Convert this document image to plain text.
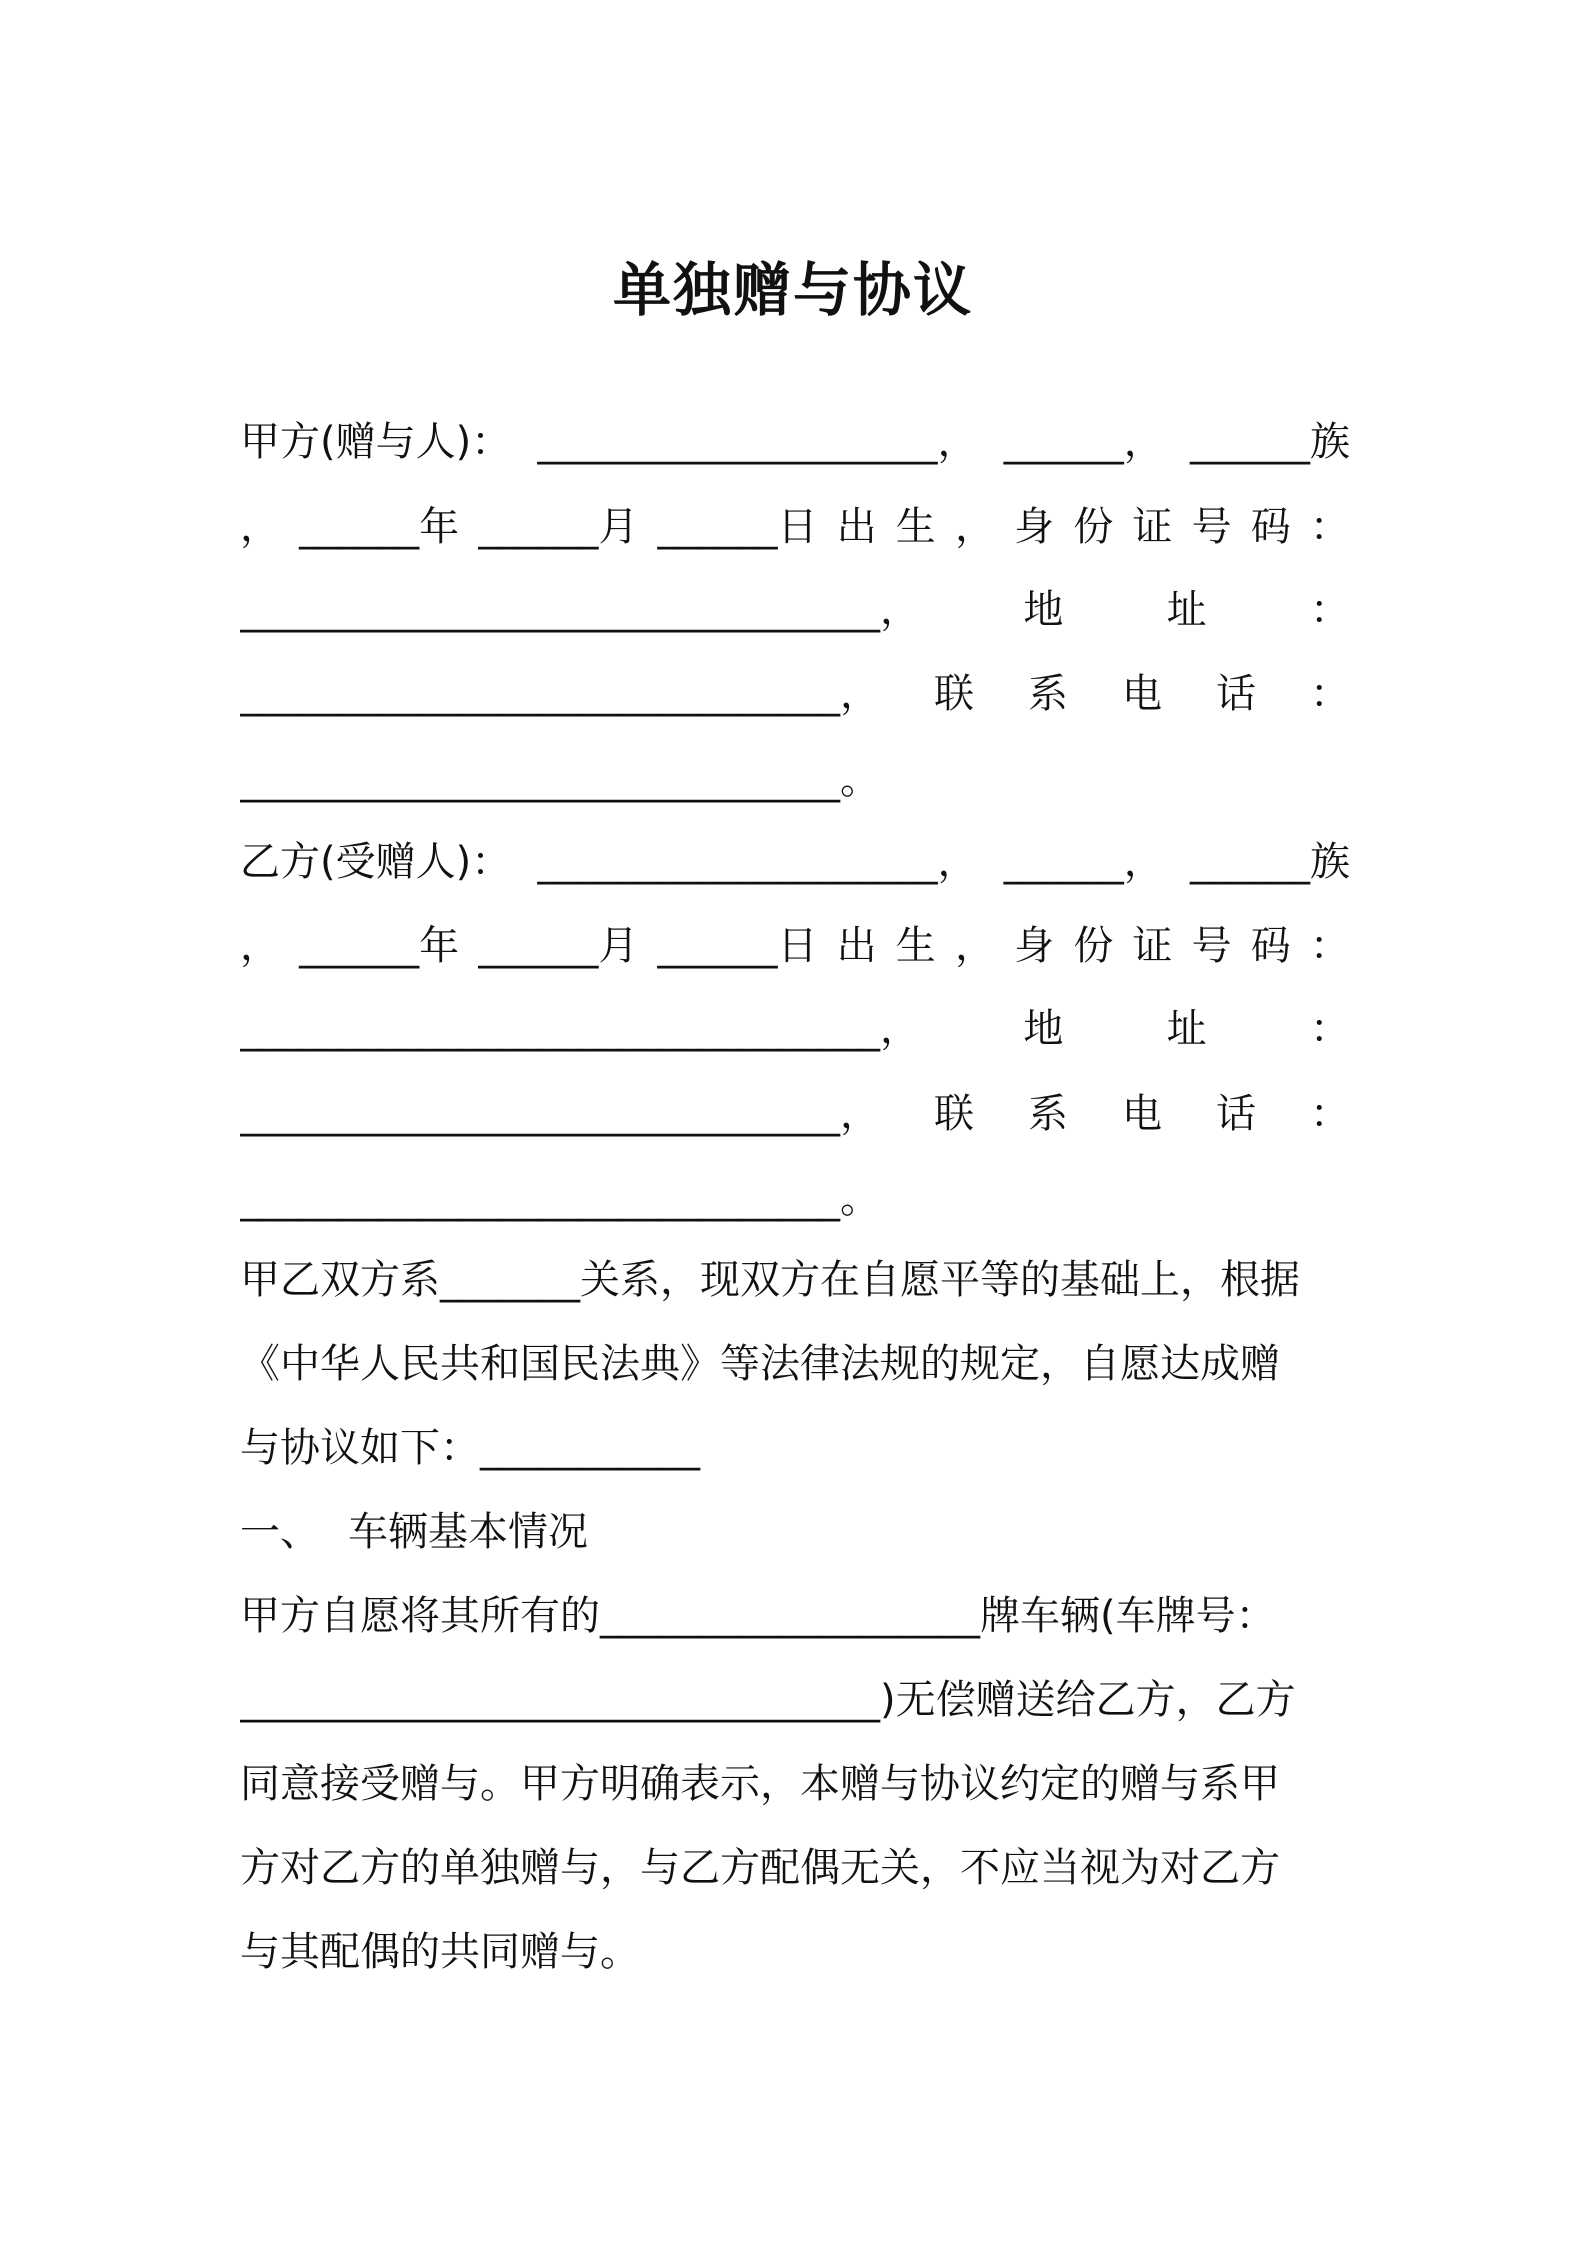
单独赠与协议
甲方(赠与人)： ____________________， ______， ______族
， ______年 ______月 ______日 出 生 ， 身 份 证 号 码 ：
________________________________，	地	址	：
______________________________， 联 系 电 话 ：
______________________________。
乙方(受赠人)： ____________________， ______， ______族
， ______年 ______月 ______日 出 生 ， 身 份 证 号 码 ：
________________________________，	地	址	：
______________________________， 联 系 电 话 ：
______________________________。
甲乙双方系_______关系，现双方在自愿平等的基础上，根据
《中华人民共和国民法典》等法律法规的规定，自愿达成赠
与协议如下：___________
一、 车辆基本情况
甲方自愿将其所有的___________________牌车辆(车牌号：
________________________________)无偿赠送给乙方，乙方
同意接受赠与。甲方明确表示，本赠与协议约定的赠与系甲
方对乙方的单独赠与，与乙方配偶无关，不应当视为对乙方
与其配偶的共同赠与。
